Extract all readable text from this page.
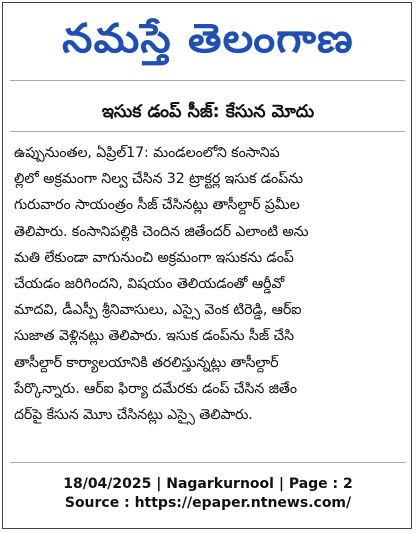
నమస్తే తెలంగాణ
ఇసుక డంప్ సీజ్: కేసున మోదు
ఉప్పునుంతల, ఏప్రిల్17: మండలంలోని కంసానిప
ల్లిలో అక్రమంగా నిల్వ చేసిన 32 ట్రాక్టర్ల ఇసుక డంప్‌ను
గురువారం సాయంత్రం సీజ్ చేసినట్లు తాసీల్దార్ ప్రమీల
తెలిపారు. కంసానిపల్లికి చెందిన జితేందర్ ఎలాంటి అను
మతి లేకుండా వాగునుంచి అక్రమంగా ఇసుకను డంప్
చేయడం జరిగిందని, విషయం తెలియడంతో ఆర్డీవో
మాదవి, డీఎస్పీ శ్రీనివాసులు, ఎస్సై వెంక టిరెడ్డి, ఆర్ఐ
సుజాత వెళ్లినట్లు తెలిపారు. ఇసుక డంప్‌ను సీజ్ చేసి
తాసీల్దార్ కార్యాలయానికి తరలిస్తున్నట్లు తాసీల్దార్
పేర్కొన్నారు. ఆర్ఐ ఫిర్యా దమేరకు డంప్ చేసిన జితేం
దర్‌పై కేసున మెూు చేసినట్లు ఎస్సై తెలిపారు.
18/04/2025 | Nagarkurnool | Page : 2
Source : https://epaper.ntnews.com/
